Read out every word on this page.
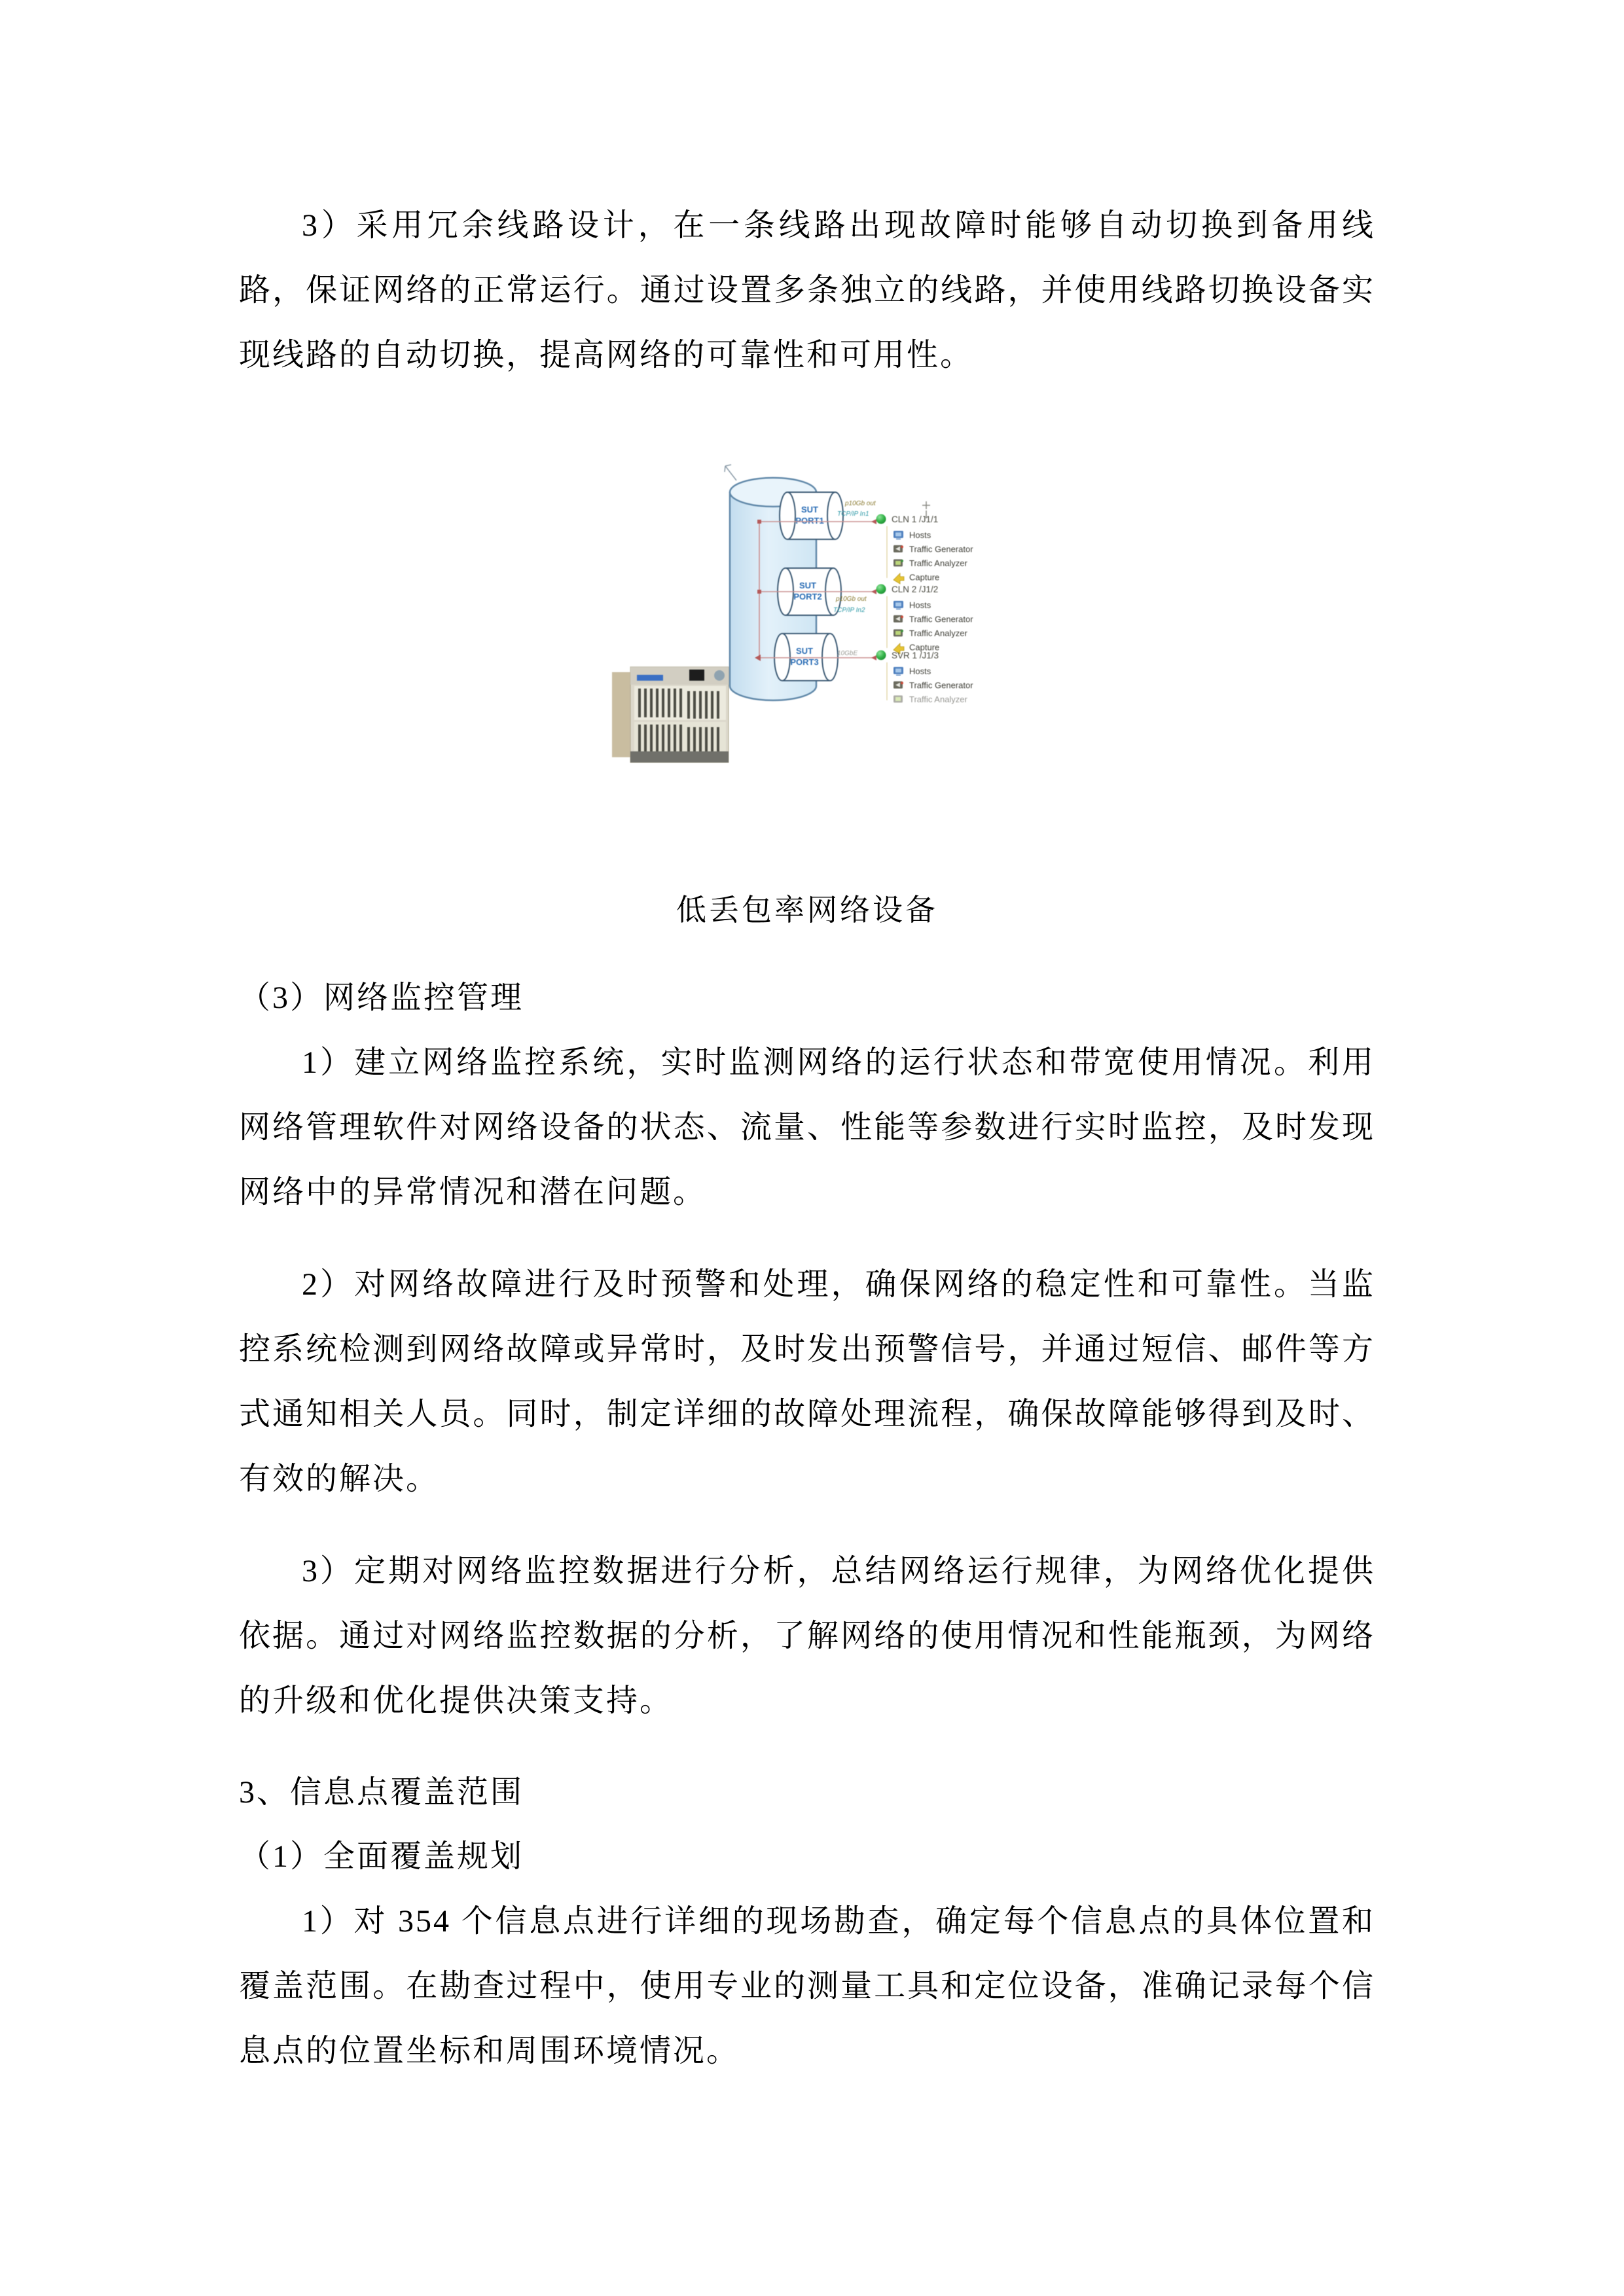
3）采用冗余线路设计，在一条线路出现故障时能够自动切换到备用线路，保证网络的正常运行。通过设置多条独立的线路，并使用线路切换设备实现线路的自动切换，提高网络的可靠性和可用性。

SUT
PORT1
SUT
PORT2
SUT
PORT3
p10Gb out
TCP/IP In1
p10Gb out
TCP/IP In2
10GbE
CLN 1 /J1/1
Hosts
Traffic Generator
Traffic Analyzer
Capture
CLN 2 /J1/2
Hosts
Traffic Generator
Traffic Analyzer
Capture
SVR 1 /J1/3
Hosts
Traffic Generator
Traffic Analyzer

低丢包率网络设备

（3）网络监控管理

1）建立网络监控系统，实时监测网络的运行状态和带宽使用情况。利用网络管理软件对网络设备的状态、流量、性能等参数进行实时监控，及时发现网络中的异常情况和潜在问题。

2）对网络故障进行及时预警和处理，确保网络的稳定性和可靠性。当监控系统检测到网络故障或异常时，及时发出预警信号，并通过短信、邮件等方式通知相关人员。同时，制定详细的故障处理流程，确保故障能够得到及时、有效的解决。

3）定期对网络监控数据进行分析，总结网络运行规律，为网络优化提供依据。通过对网络监控数据的分析，了解网络的使用情况和性能瓶颈，为网络的升级和优化提供决策支持。

3、信息点覆盖范围

（1）全面覆盖规划

1）对 354 个信息点进行详细的现场勘查，确定每个信息点的具体位置和覆盖范围。在勘查过程中，使用专业的测量工具和定位设备，准确记录每个信息点的位置坐标和周围环境情况。
